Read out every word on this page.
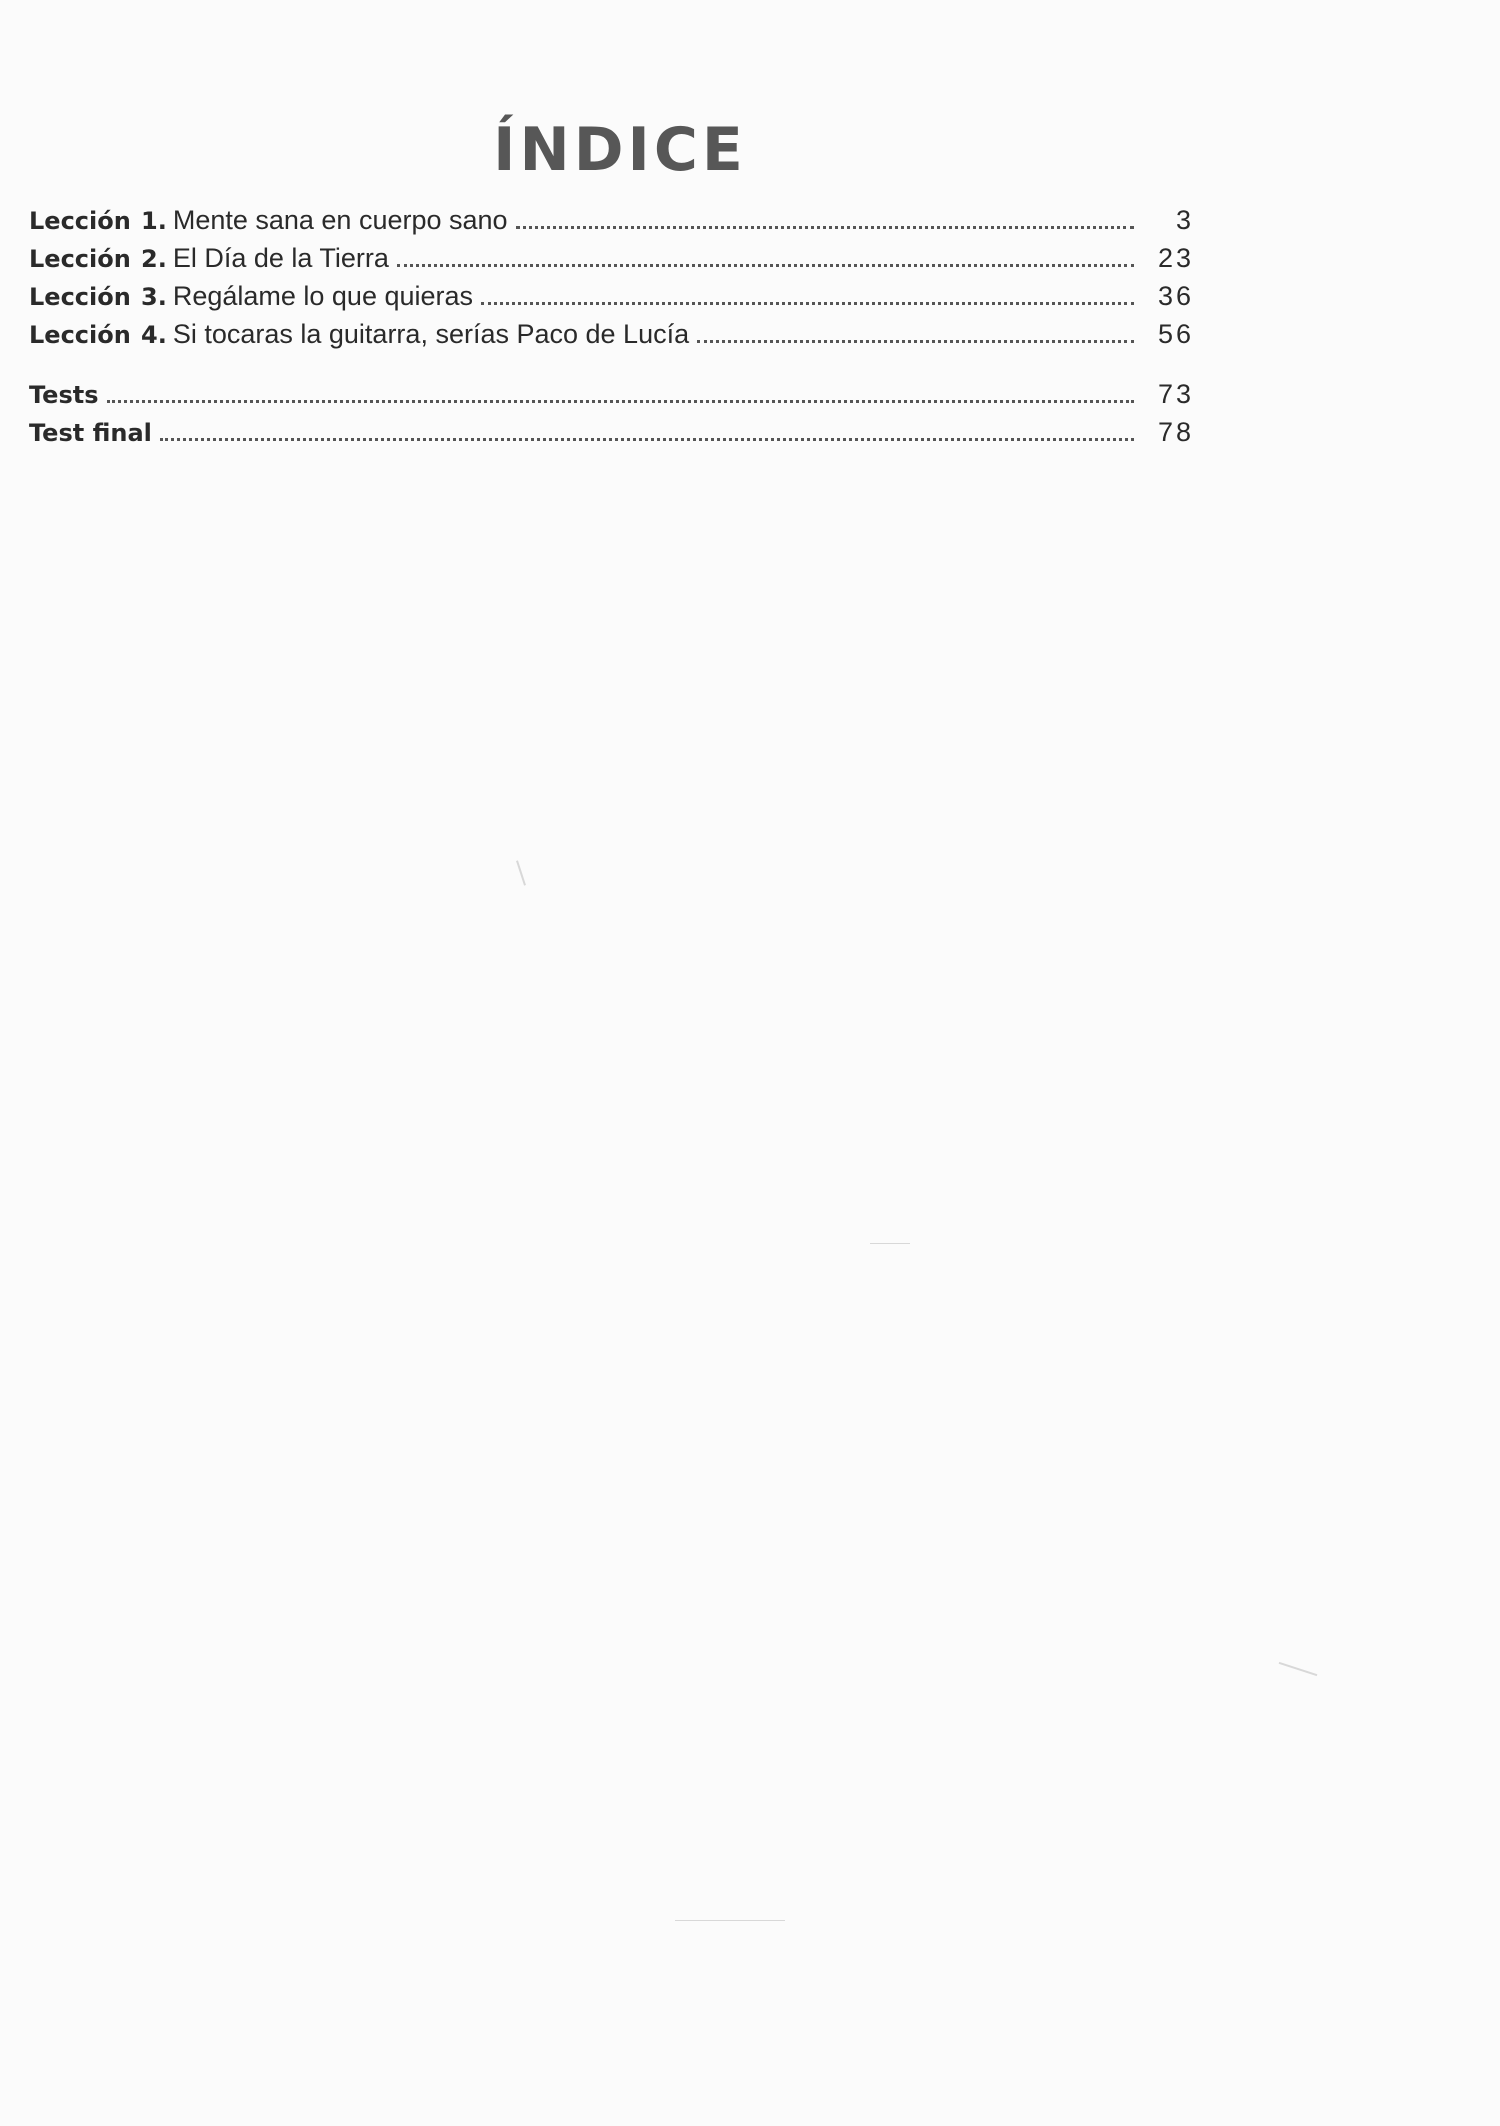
ÍNDICE
Lección 1. Mente sana en cuerpo sano	3
Lección 2. El Día de la Tierra	23
Lección 3. Regálame lo que quieras	36
Lección 4. Si tocaras la guitarra, serías Paco de Lucía	56
Tests	73
Test final	78
